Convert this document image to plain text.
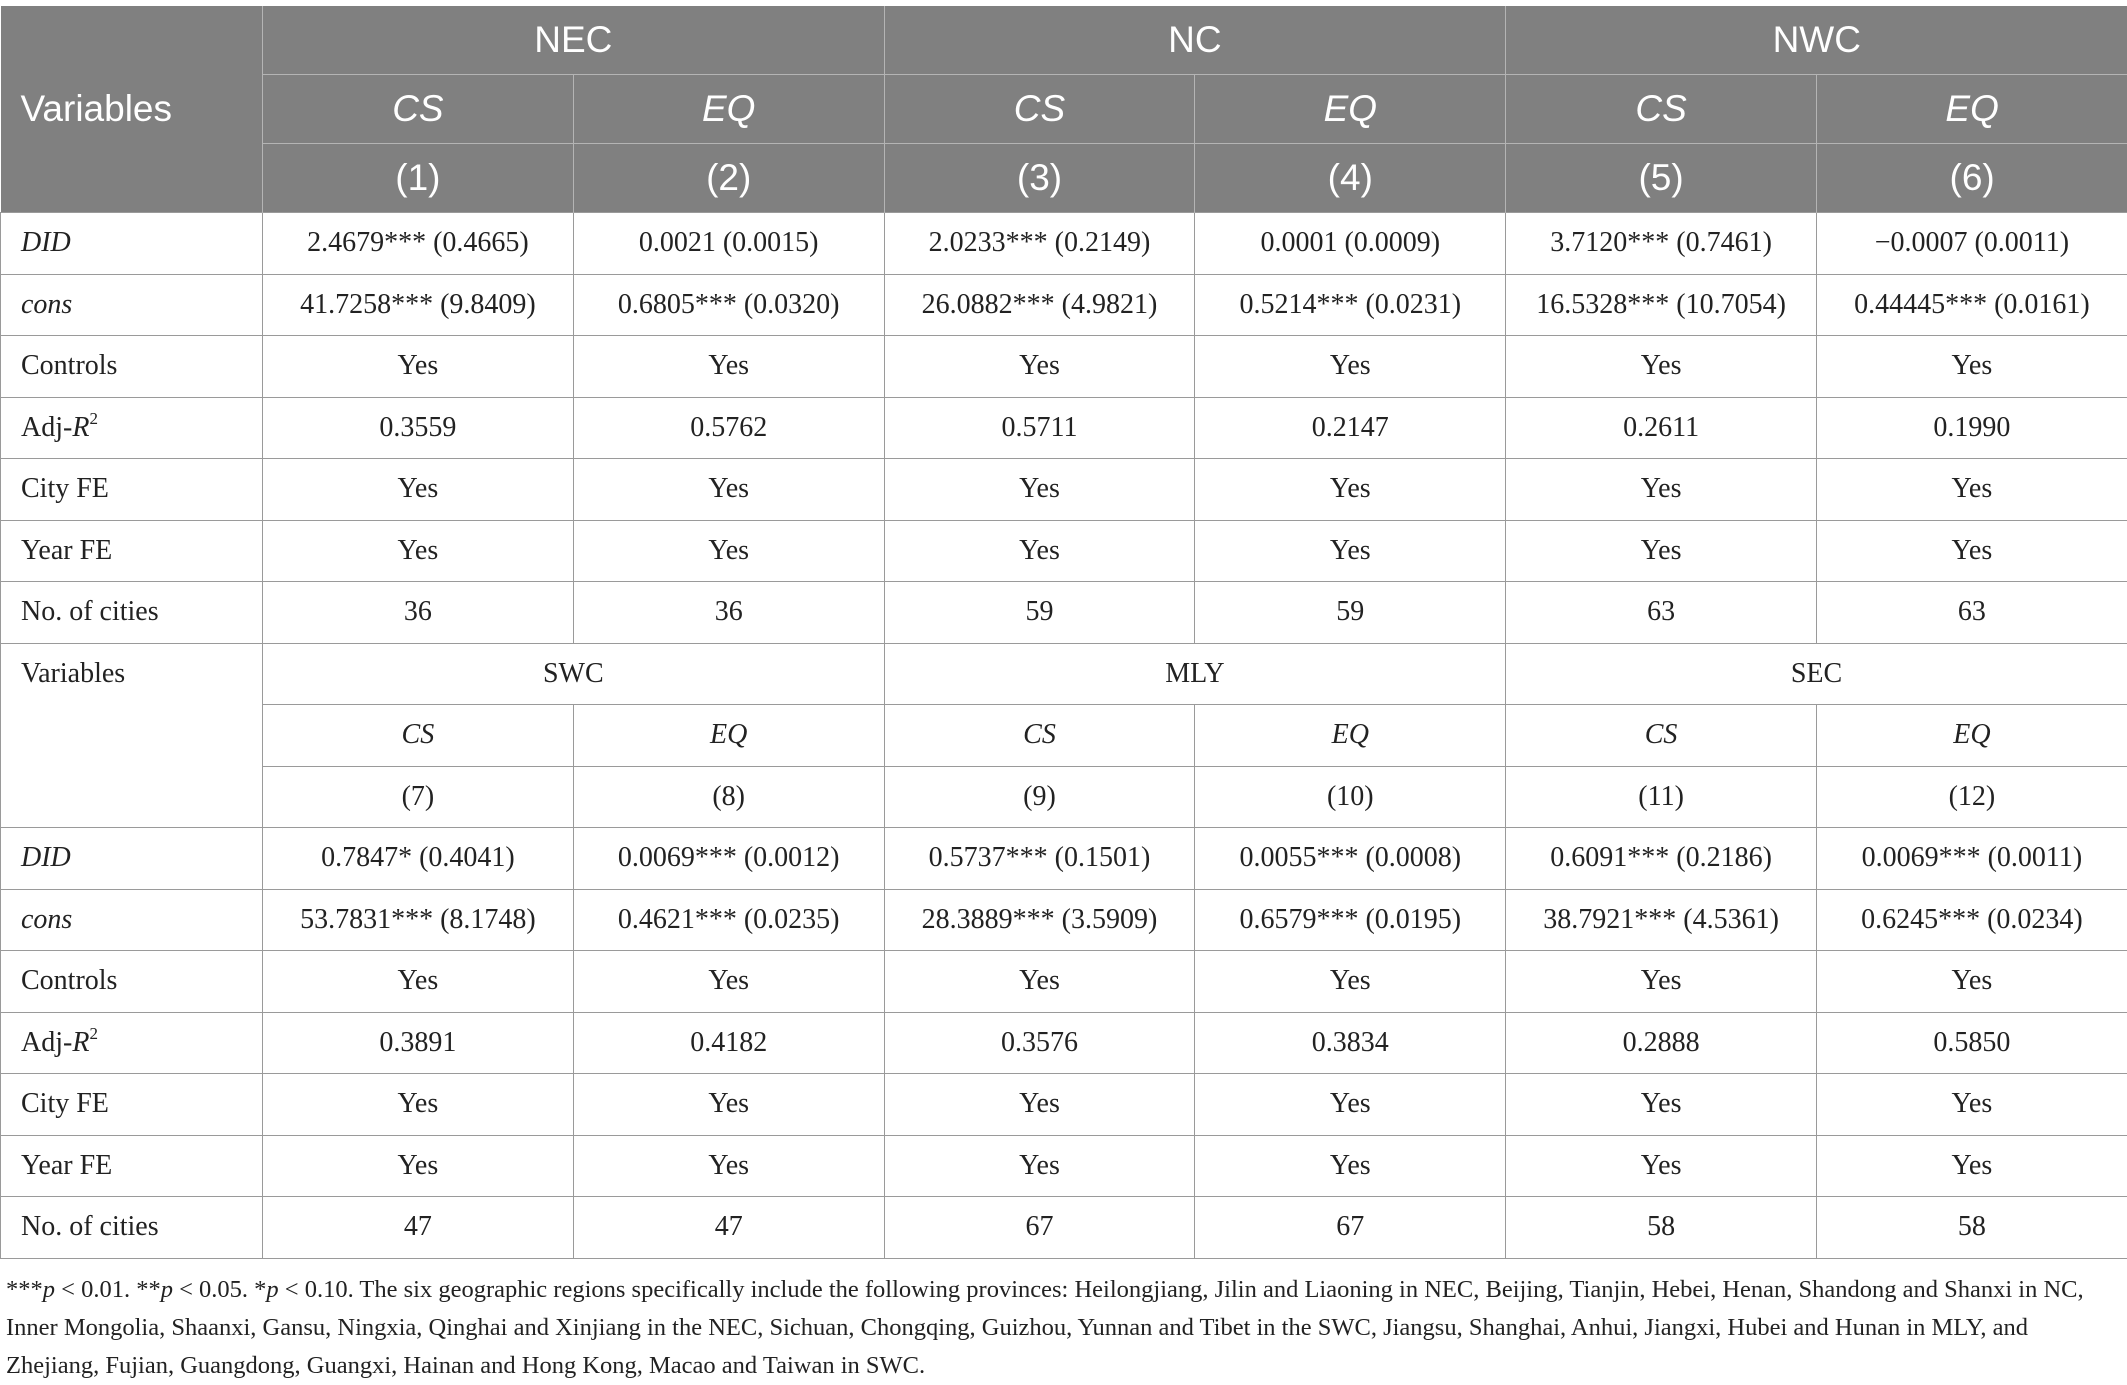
Variables	NEC		NC		NWC	
	CS	EQ	CS	EQ	CS	EQ
	(1)	(2)	(3)	(4)	(5)	(6)
DID	2.4679*** (0.4665)	0.0021 (0.0015)	2.0233*** (0.2149)	0.0001 (0.0009)	3.7120*** (0.7461)	−0.0007 (0.0011)
cons	41.7258*** (9.8409)	0.6805*** (0.0320)	26.0882*** (4.9821)	0.5214*** (0.0231)	16.5328*** (10.7054)	0.44445*** (0.0161)
Controls	Yes	Yes	Yes	Yes	Yes	Yes
Adj-$R^2$	0.3559	0.5762	0.5711	0.2147	0.2611	0.1990
City FE	Yes	Yes	Yes	Yes	Yes	Yes
Year FE	Yes	Yes	Yes	Yes	Yes	Yes
No. of cities	36	36	59	59	63	63
Variables	SWC		MLY		SEC	
	CS	EQ	CS	EQ	CS	EQ
	(7)	(8)	(9)	(10)	(11)	(12)
DID	0.7847* (0.4041)	0.0069*** (0.0012)	0.5737*** (0.1501)	0.0055*** (0.0008)	0.6091*** (0.2186)	0.0069*** (0.0011)
cons	53.7831*** (8.1748)	0.4621*** (0.0235)	28.3889*** (3.5909)	0.6579*** (0.0195)	38.7921*** (4.5361)	0.6245*** (0.0234)
Controls	Yes	Yes	Yes	Yes	Yes	Yes
Adj-$R^2$	0.3891	0.4182	0.3576	0.3834	0.2888	0.5850
City FE	Yes	Yes	Yes	Yes	Yes	Yes
Year FE	Yes	Yes	Yes	Yes	Yes	Yes
No. of cities	47	47	67	67	58	58

***p < 0.01. **p < 0.05. *p < 0.10. The six geographic regions specifically include the following provinces: Heilongjiang, Jilin and Liaoning in NEC, Beijing, Tianjin, Hebei, Henan, Shandong and Shanxi in NC, Inner Mongolia, Shaanxi, Gansu, Ningxia, Qinghai and Xinjiang in the NEC, Sichuan, Chongqing, Guizhou, Yunnan and Tibet in the SWC, Jiangsu, Shanghai, Anhui, Jiangxi, Hubei and Hunan in MLY, and Zhejiang, Fujian, Guangdong, Guangxi, Hainan and Hong Kong, Macao and Taiwan in SWC.
